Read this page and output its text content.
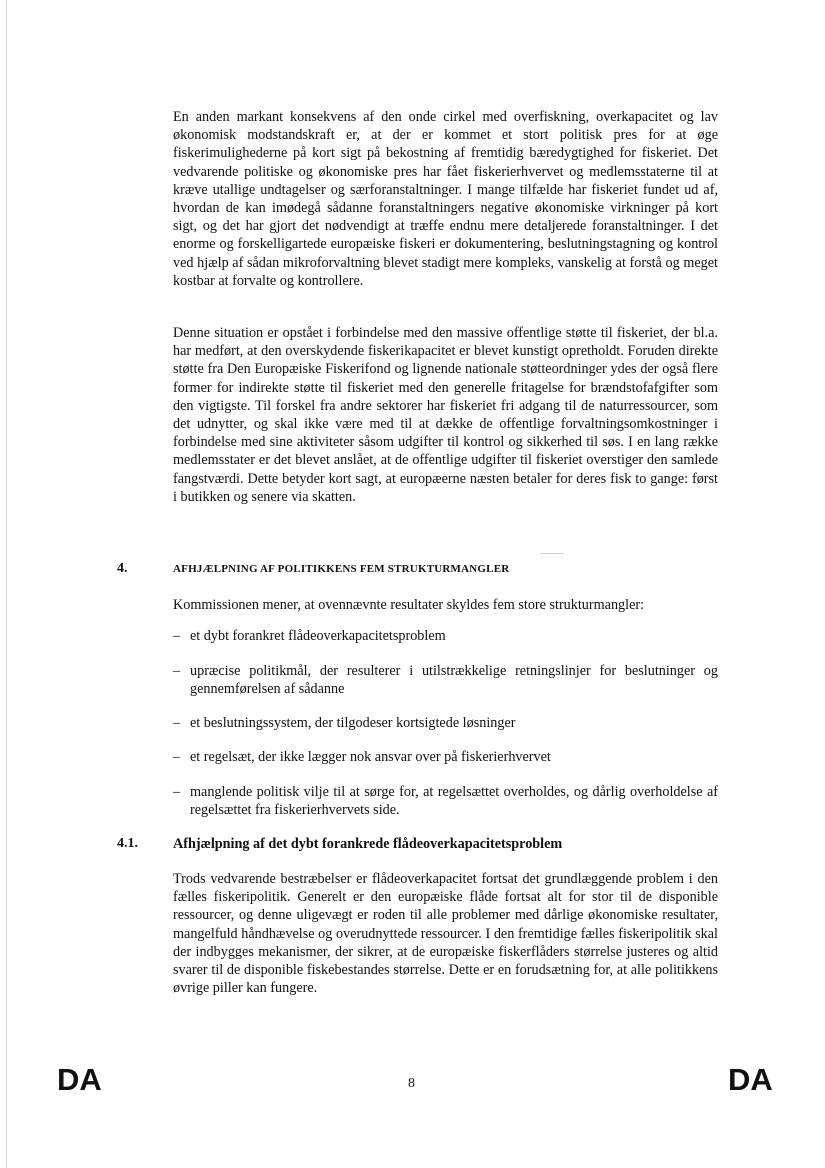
En anden markant konsekvens af den onde cirkel med overfiskning, overkapacitet og lav økonomisk modstandskraft er, at der er kommet et stort politisk pres for at øge fiskerimulighederne på kort sigt på bekostning af fremtidig bæredygtighed for fiskeriet. Det vedvarende politiske og økonomiske pres har fået fiskerierhvervet og medlemsstaterne til at kræve utallige undtagelser og særforanstaltninger. I mange tilfælde har fiskeriet fundet ud af, hvordan de kan imødegå sådanne foranstaltningers negative økonomiske virkninger på kort sigt, og det har gjort det nødvendigt at træffe endnu mere detaljerede foranstaltninger. I det enorme og forskelligartede europæiske fiskeri er dokumentering, beslutningstagning og kontrol ved hjælp af sådan mikroforvaltning blevet stadigt mere kompleks, vanskelig at forstå og meget kostbar at forvalte og kontrollere.

Denne situation er opstået i forbindelse med den massive offentlige støtte til fiskeriet, der bl.a. har medført, at den overskydende fiskerikapacitet er blevet kunstigt opretholdt. Foruden direkte støtte fra Den Europæiske Fiskerifond og lignende nationale støtteordninger ydes der også flere former for indirekte støtte til fiskeriet med den generelle fritagelse for brændstofafgifter som den vigtigste. Til forskel fra andre sektorer har fiskeriet fri adgang til de naturressourcer, som det udnytter, og skal ikke være med til at dække de offentlige forvaltningsomkostninger i forbindelse med sine aktiviteter såsom udgifter til kontrol og sikkerhed til søs. I en lang række medlemsstater er det blevet anslået, at de offentlige udgifter til fiskeriet overstiger den samlede fangstværdi. Dette betyder kort sagt, at europæerne næsten betaler for deres fisk to gange: først i butikken og senere via skatten.

4.	AFHJÆLPNING AF POLITIKKENS FEM STRUKTURMANGLER

Kommissionen mener, at ovennævnte resultater skyldes fem store strukturmangler:

– et dybt forankret flådeoverkapacitetsproblem
– upræcise politikmål, der resulterer i utilstrækkelige retningslinjer for beslutninger og gennemførelsen af sådanne
– et beslutningssystem, der tilgodeser kortsigtede løsninger
– et regelsæt, der ikke lægger nok ansvar over på fiskerierhvervet
– manglende politisk vilje til at sørge for, at regelsættet overholdes, og dårlig overholdelse af regelsættet fra fiskerierhvervets side.
4.1. Afhjælpning af det dybt forankrede flådeoverkapacitetsproblem

Trods vedvarende bestræbelser er flådeoverkapacitet fortsat det grundlæggende problem i den fælles fiskeripolitik. Generelt er den europæiske flåde fortsat alt for stor til de disponible ressourcer, og denne uligevægt er roden til alle problemer med dårlige økonomiske resultater, mangelfuld håndhævelse og overudnyttede ressourcer. I den fremtidige fælles fiskeripolitik skal der indbygges mekanismer, der sikrer, at de europæiske fiskerflåders størrelse justeres og altid svarer til de disponible fiskebestandes størrelse. Dette er en forudsætning for, at alle politikkens øvrige piller kan fungere.

DA	8	DA
